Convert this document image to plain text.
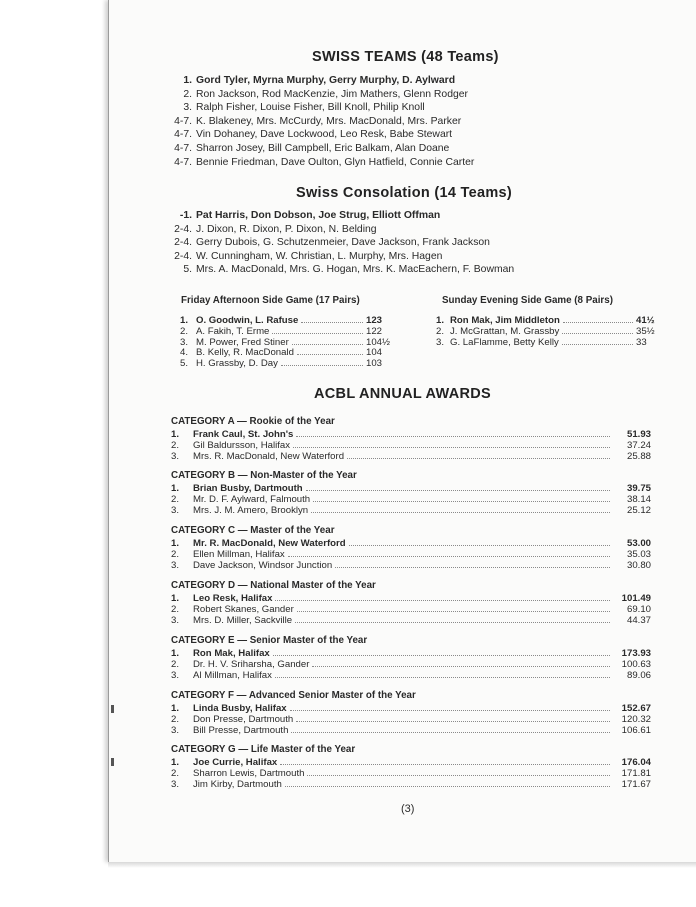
SWISS TEAMS (48 Teams)
1. Gord Tyler, Myrna Murphy, Gerry Murphy, D. Aylward
2. Ron Jackson, Rod MacKenzie, Jim Mathers, Glenn Rodger
3. Ralph Fisher, Louise Fisher, Bill Knoll, Philip Knoll
4-7. K. Blakeney, Mrs. McCurdy, Mrs. MacDonald, Mrs. Parker
4-7. Vin Dohaney, Dave Lockwood, Leo Resk, Babe Stewart
4-7. Sharron Josey, Bill Campbell, Eric Balkam, Alan Doane
4-7. Bennie Friedman, Dave Oulton, Glyn Hatfield, Connie Carter
Swiss Consolation (14 Teams)
-1. Pat Harris, Don Dobson, Joe Strug, Elliott Offman
2-4. J. Dixon, R. Dixon, P. Dixon, N. Belding
2-4. Gerry Dubois, G. Schutzenmeier, Dave Jackson, Frank Jackson
2-4. W. Cunningham, W. Christian, L. Murphy, Mrs. Hagen
5. Mrs. A. MacDonald, Mrs. G. Hogan, Mrs. K. MacEachern, F. Bowman
Friday Afternoon Side Game (17 Pairs)
1. O. Goodwin, L. Rafuse	123
2. A. Fakih, T. Erme	122
3. M. Power, Fred Stiner	104½
4. B. Kelly, R. MacDonald	104
5. H. Grassby, D. Day	103
Sunday Evening Side Game (8 Pairs)
1. Ron Mak, Jim Middleton	41½
2. J. McGrattan, M. Grassby	35½
3. G. LaFlamme, Betty Kelly	33
ACBL ANNUAL AWARDS
CATEGORY A — Rookie of the Year
1.	Frank Caul, St. John's	51.93
2.	Gil Baldursson, Halifax	37.24
3.	Mrs. R. MacDonald, New Waterford	25.88
CATEGORY B — Non-Master of the Year
1.	Brian Busby, Dartmouth	39.75
2.	Mr. D. F. Aylward, Falmouth	38.14
3.	Mrs. J. M. Amero, Brooklyn	25.12
CATEGORY C — Master of the Year
1.	Mr. R. MacDonald, New Waterford	53.00
2.	Ellen Millman, Halifax	35.03
3.	Dave Jackson, Windsor Junction	30.80
CATEGORY D — National Master of the Year
1.	Leo Resk, Halifax	101.49
2.	Robert Skanes, Gander	69.10
3.	Mrs. D. Miller, Sackville	44.37
CATEGORY E — Senior Master of the Year
1.	Ron Mak, Halifax	173.93
2.	Dr. H. V. Sriharsha, Gander	100.63
3.	Al Millman, Halifax	89.06
CATEGORY F — Advanced Senior Master of the Year
1.	Linda Busby, Halifax	152.67
2.	Don Presse, Dartmouth	120.32
3.	Bill Presse, Dartmouth	106.61
CATEGORY G — Life Master of the Year
1.	Joe Currie, Halifax	176.04
2.	Sharron Lewis, Dartmouth	171.81
3.	Jim Kirby, Dartmouth	171.67
(3)
